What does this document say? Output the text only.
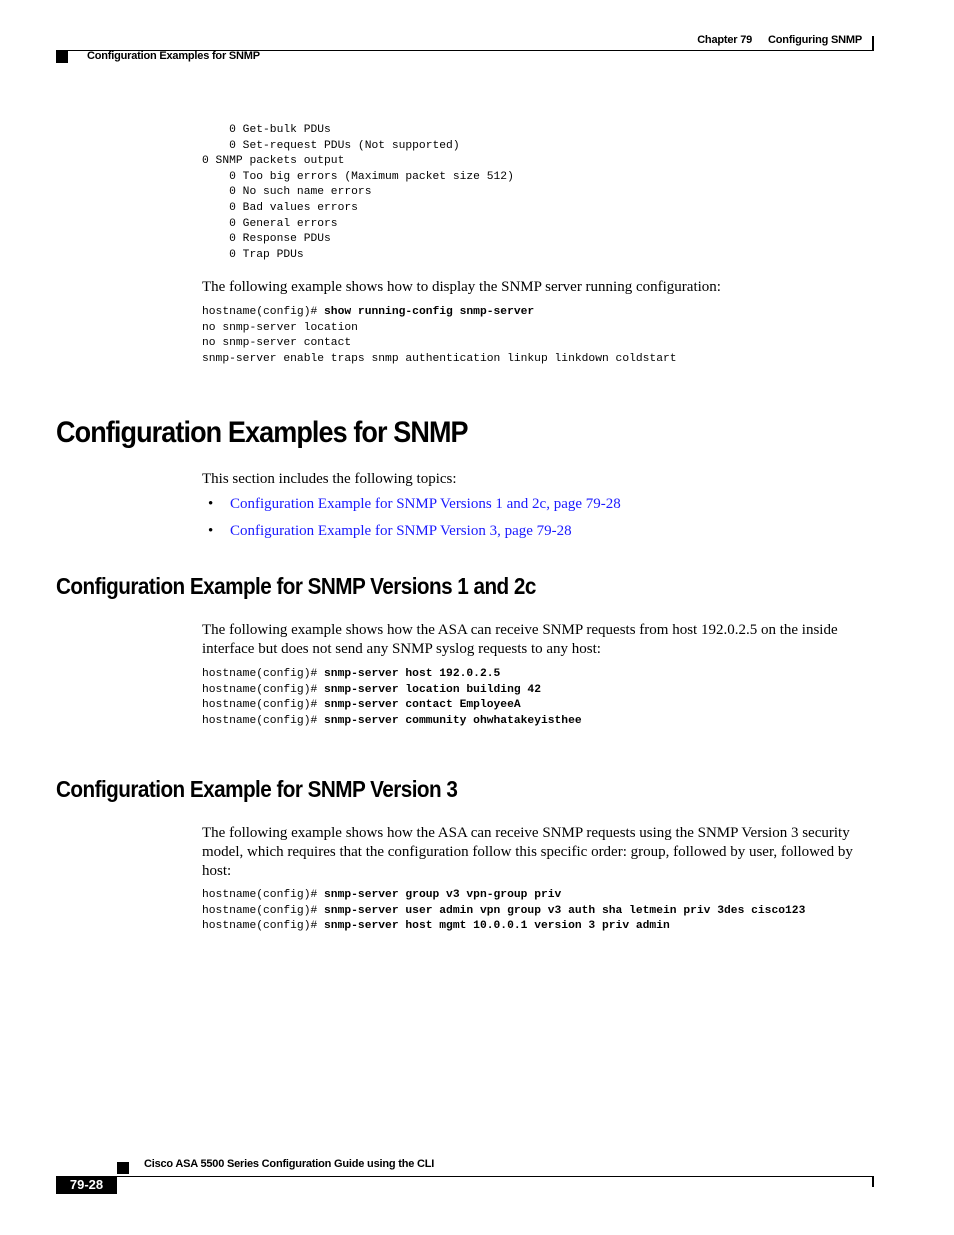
Chapter 79 Configuring SNMP
Configuration Examples for SNMP
0 Get-bulk PDUs
0 Set-request PDUs (Not supported)
0 SNMP packets output
0 Too big errors (Maximum packet size 512)
0 No such name errors
0 Bad values errors
0 General errors
0 Response PDUs
0 Trap PDUs

The following example shows how to display the SNMP server running configuration:

hostname(config)# show running-config snmp-server
no snmp-server location
no snmp-server contact
snmp-server enable traps snmp authentication linkup linkdown coldstart
Configuration Examples for SNMP

This section includes the following topics:

• Configuration Example for SNMP Versions 1 and 2c, page 79-28
• Configuration Example for SNMP Version 3, page 79-28
Configuration Example for SNMP Versions 1 and 2c

The following example shows how the ASA can receive SNMP requests from host 192.0.2.5 on the inside interface but does not send any SNMP syslog requests to any host:

hostname(config)# snmp-server host 192.0.2.5
hostname(config)# snmp-server location building 42
hostname(config)# snmp-server contact EmployeeA
hostname(config)# snmp-server community ohwhatakeyisthee
Configuration Example for SNMP Version 3

The following example shows how the ASA can receive SNMP requests using the SNMP Version 3 security model, which requires that the configuration follow this specific order: group, followed by user, followed by host:

hostname(config)# snmp-server group v3 vpn-group priv
hostname(config)# snmp-server user admin vpn group v3 auth sha letmein priv 3des cisco123
hostname(config)# snmp-server host mgmt 10.0.0.1 version 3 priv admin
Cisco ASA 5500 Series Configuration Guide using the CLI
79-28
